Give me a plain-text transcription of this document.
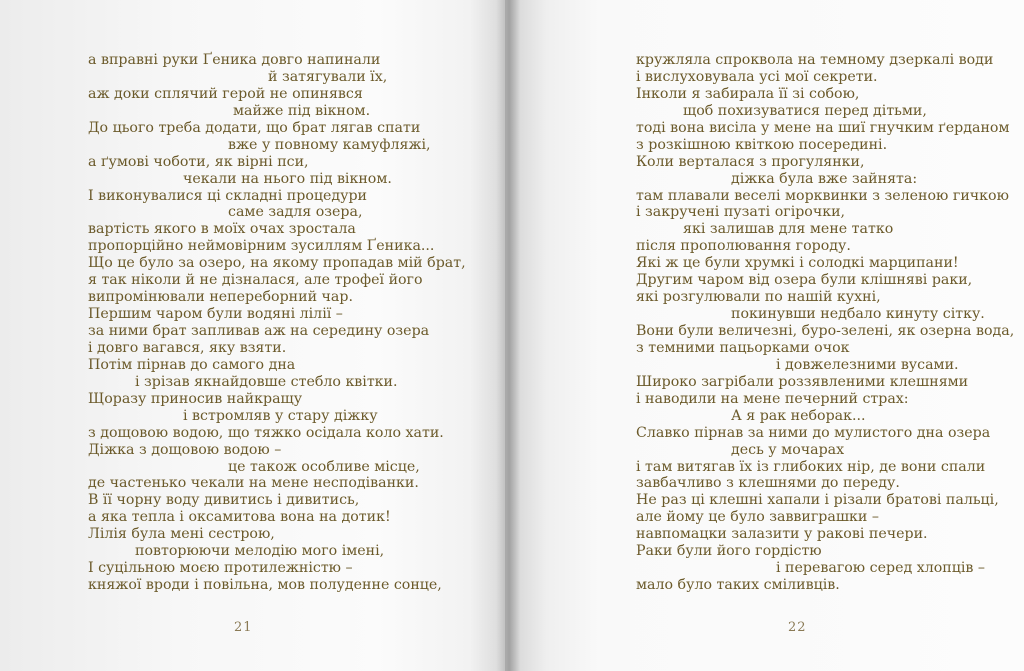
а вправні руки Ґеника довго напинали
й затягували їх,
аж доки сплячий герой не опинявся
майже під вікном.
До цього треба додати, що брат лягав спати
вже у повному камуфляжі,
а ґумові чоботи, як вірні пси,
чекали на нього під вікном.
І виконувалися ці складні процедури
саме задля озера,
вартість якого в моїх очах зростала
пропорційно неймовірним зусиллям Ґеника...
Що це було за озеро, на якому пропадав мій брат,
я так ніколи й не дізналася, але трофеї його
випромінювали непереборний чар.
Першим чаром були водяні лілії –
за ними брат запливав аж на середину озера
і довго вагався, яку взяти.
Потім пірнав до самого дна
і зрізав якнайдовше стебло квітки.
Щоразу приносив найкращу
і встромляв у стару діжку
з дощовою водою, що тяжко осідала коло хати.
Діжка з дощовою водою –
це також особливе місце,
де частенько чекали на мене несподіванки.
В її чорну воду дивитись і дивитись,
а яка тепла і оксамитова вона на дотик!
Лілія була мені сестрою,
повторюючи мелодію мого імені,
І суцільною моєю протилежністю –
княжої вроди і повільна, мов полуденне сонце,
21
кружляла спроквола на темному дзеркалі води
і вислуховувала усі мої секрети.
Інколи я забирала її зі собою,
щоб похизуватися перед дітьми,
тоді вона висіла у мене на шиї гнучким ґерданом
з розкішною квіткою посередині.
Коли верталася з прогулянки,
діжка була вже зайнята:
там плавали веселі морквинки з зеленою гичкою
і закручені пузаті огірочки,
які залишав для мене татко
після прополювання городу.
Які ж це були хрумкі і солодкі марципани!
Другим чаром від озера були клішняві раки,
які розгулювали по нашій кухні,
покинувши недбало кинуту сітку.
Вони були величезні, буро-зелені, як озерна вода,
з темними пацьорками очок
і довжелезними вусами.
Широко загрібали роззявленими клешнями
і наводили на мене печерний страх:
А я рак неборак...
Славко пірнав за ними до мулистого дна озера
десь у мочарах
і там витягав їх із глибоких нір, де вони спали
завбачливо з клешнями до переду.
Не раз ці клешні хапали і різали братові пальці,
але йому це було заввиграшки –
навпомацки залазити у ракові печери.
Раки були його гордістю
і перевагою серед хлопців –
мало було таких сміливців.
22
